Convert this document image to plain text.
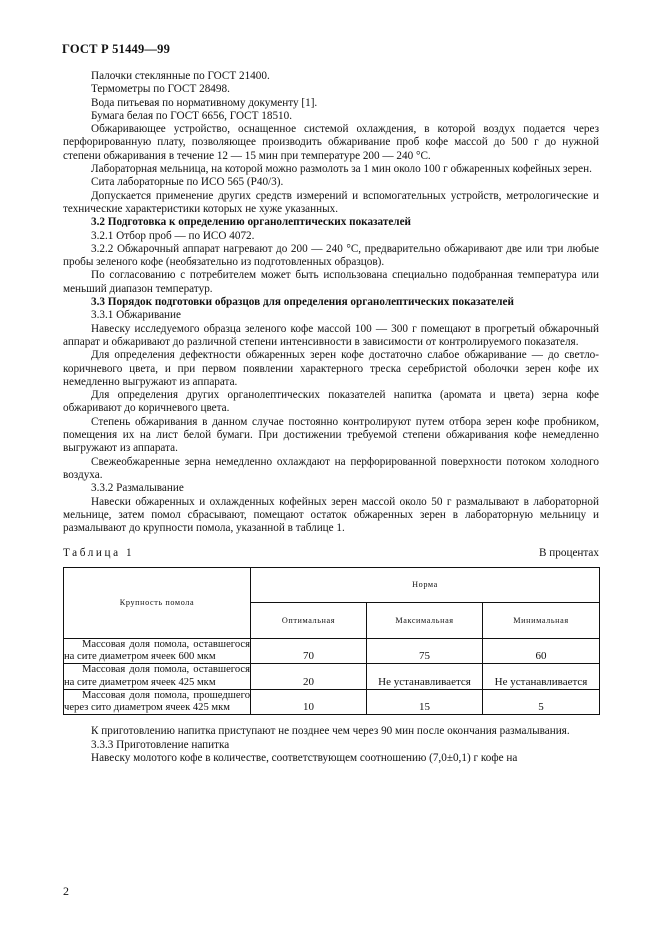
ГОСТ Р 51449—99

Палочки стеклянные по ГОСТ 21400.

Термометры по ГОСТ 28498.

Вода питьевая по нормативному документу [1].

Бумага белая по ГОСТ 6656, ГОСТ 18510.

Обжаривающее устройство, оснащенное системой охлаждения, в которой воздух подается через перфорированную плату, позволяющее производить обжаривание проб кофе массой до 500 г до нужной степени обжаривания в течение 12 — 15 мин при температуре 200 — 240 °С.

Лабораторная мельница, на которой можно размолоть за 1 мин около 100 г обжаренных кофейных зерен.

Сита лабораторные по ИСО 565 (Р40/3).

Допускается применение других средств измерений и вспомогательных устройств, метрологические и технические характеристики которых не хуже указанных.

3.2 Подготовка к определению органолептических показателей

3.2.1 Отбор проб — по ИСО 4072.

3.2.2 Обжарочный аппарат нагревают до 200 — 240 °С, предварительно обжаривают две или три любые пробы зеленого кофе (необязательно из подготовленных образцов).

По согласованию с потребителем может быть использована специально подобранная температура или меньший диапазон температур.

3.3 Порядок подготовки образцов для определения органолептических показателей

3.3.1 Обжаривание

Навеску исследуемого образца зеленого кофе массой 100 — 300 г помещают в прогретый обжарочный аппарат и обжаривают до различной степени интенсивности в зависимости от контролируемого показателя.

Для определения дефектности обжаренных зерен кофе достаточно слабое обжаривание — до светло-коричневого цвета, и при первом появлении характерного треска серебристой оболочки зерен кофе их немедленно выгружают из аппарата.

Для определения других органолептических показателей напитка (аромата и цвета) зерна кофе обжаривают до коричневого цвета.

Степень обжаривания в данном случае постоянно контролируют путем отбора зерен кофе пробником, помещения их на лист белой бумаги. При достижении требуемой степени обжаривания кофе немедленно выгружают из аппарата.

Свежеобжаренные зерна немедленно охлаждают на перфорированной поверхности потоком холодного воздуха.

3.3.2 Размалывание

Навески обжаренных и охлажденных кофейных зерен массой около 50 г размалывают в лабораторной мельнице, затем помол сбрасывают, помещают остаток обжаренных зерен в лабораторную мельницу и размалывают до крупности помола, указанной в таблице 1.

Таблица 1	В процентах
Крупность помола	Норма		
	Оптимальная	Максимальная	Минимальная
Массовая доля помола, оставшегося на сите диаметром ячеек 600 мкм	70	75	60
Массовая доля помола, оставшегося на сите диаметром ячеек 425 мкм	20	Не устанавливается	Не устанавливается
Массовая доля помола, прошедшего через сито диаметром ячеек 425 мкм	10	15	5

К приготовлению напитка приступают не позднее чем через 90 мин после окончания размалывания.

3.3.3 Приготовление напитка

Навеску молотого кофе в количестве, соответствующем соотношению (7,0±0,1) г кофе на

2
